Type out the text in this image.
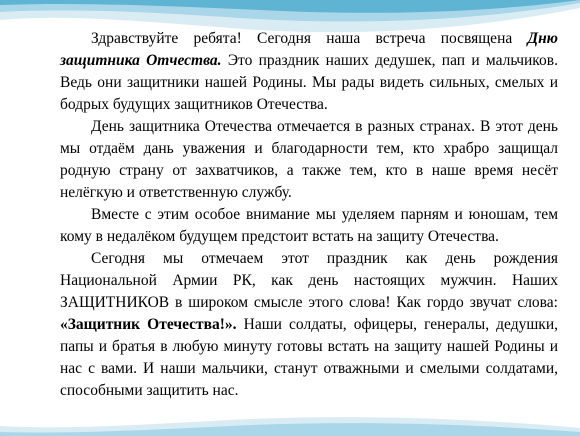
Здравствуйте ребята! Сегодня наша встреча посвящена Дню защитника Отчества. Это праздник наших дедушек, пап и мальчиков. Ведь они защитники нашей Родины. Мы рады видеть сильных, смелых и бодрых будущих защитников Отечества.

День защитника Отечества отмечается в разных странах. В этот день мы отдаём дань уважения и благодарности тем, кто храбро защищал родную страну от захватчиков, а также тем, кто в наше время несёт нелёгкую и ответственную службу.

Вместе с этим особое внимание мы уделяем парням и юношам, тем кому в недалёком будущем предстоит встать на защиту Отечества.

Сегодня мы отмечаем этот праздник как день рождения Национальной Армии РК, как день настоящих мужчин. Наших ЗАЩИТНИКОВ в широком смысле этого слова! Как гордо звучат слова: «Защитник Отечества!». Наши солдаты, офицеры, генералы, дедушки, папы и братья в любую минуту готовы встать на защиту нашей Родины и нас с вами. И наши мальчики, станут отважными и смелыми солдатами, способными защитить нас.
